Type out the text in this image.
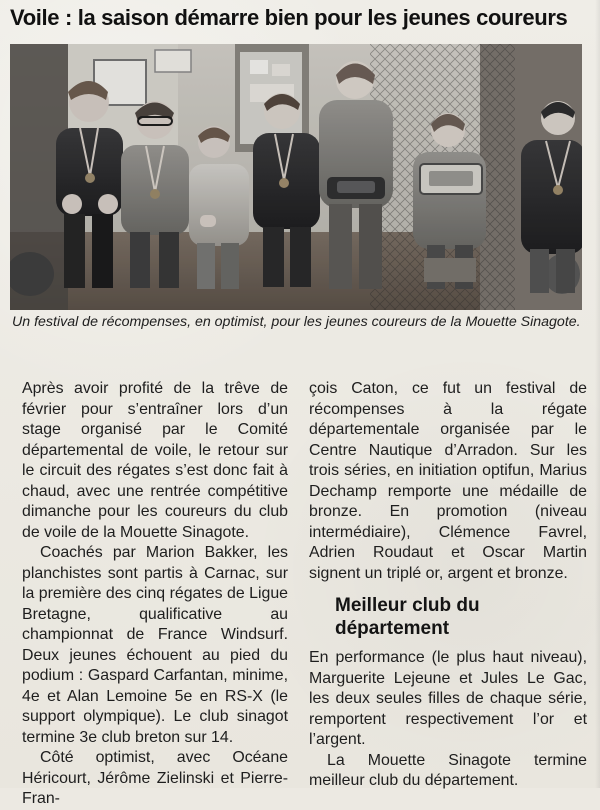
Voile : la saison démarre bien pour les jeunes coureurs
Un festival de récompenses, en optimist, pour les jeunes coureurs de la Mouette Sinagote.

Après avoir profité de la trêve de février pour s’entraîner lors d’un stage organisé par le Comité départemental de voile, le retour sur le circuit des régates s’est donc fait à chaud, avec une rentrée compétitive dimanche pour les coureurs du club de voile de la Mouette Sinagote.

Coachés par Marion Bakker, les planchistes sont partis à Carnac, sur la première des cinq régates de Ligue Bretagne, qualificative au championnat de France Windsurf. Deux jeunes échouent au pied du podium : Gaspard Carfantan, minime, 4e et Alan Lemoine 5e en RS-X (le support olympique). Le club sinagot termine 3e club breton sur 14.

Côté optimist, avec Océane Héricourt, Jérôme Zielinski et Pierre-Fran-

çois Caton, ce fut un festival de récompenses à la régate départementale organisée par le Centre Nautique d’Arradon. Sur les trois séries, en initiation optifun, Marius Dechamp remporte une médaille de bronze. En promotion (niveau intermédiaire), Clémence Favrel, Adrien Roudaut et Oscar Martin signent un triplé or, argent et bronze.

Meilleur club du département

En performance (le plus haut niveau), Marguerite Lejeune et Jules Le Gac, les deux seules filles de chaque série, remportent respectivement l’or et l’argent.

La Mouette Sinagote termine meilleur club du département.
